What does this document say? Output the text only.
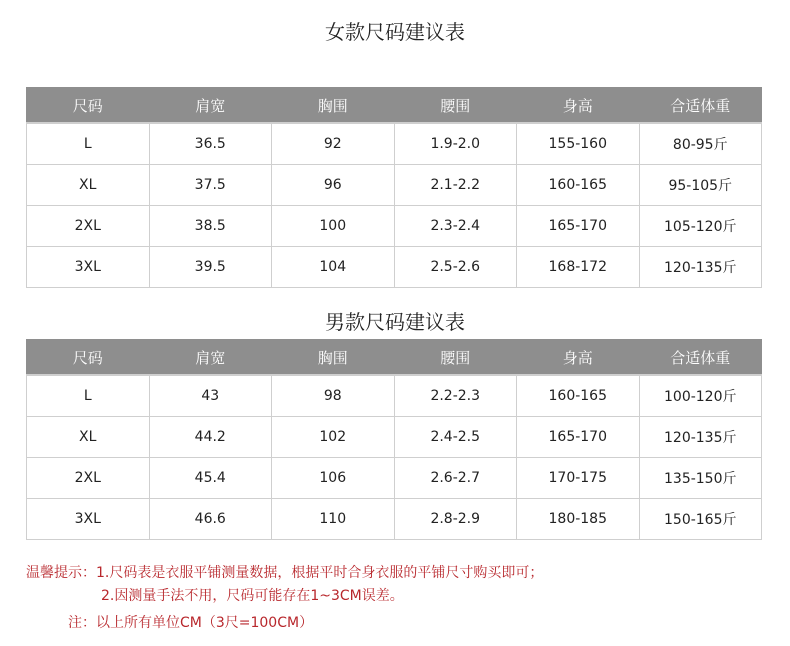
女款尺码建议表
尺码	肩宽	胸围	腰围	身高	合适体重
L	36.5	92	1.9-2.0	155-160	80-95斤
XL	37.5	96	2.1-2.2	160-165	95-105斤
2XL	38.5	100	2.3-2.4	165-170	105-120斤
3XL	39.5	104	2.5-2.6	168-172	120-135斤
男款尺码建议表
尺码	肩宽	胸围	腰围	身高	合适体重
L	43	98	2.2-2.3	160-165	100-120斤
XL	44.2	102	2.4-2.5	165-170	120-135斤
2XL	45.4	106	2.6-2.7	170-175	135-150斤
3XL	46.6	110	2.8-2.9	180-185	150-165斤
温馨提示：1.尺码表是衣服平铺测量数据，根据平时合身衣服的平铺尺寸购买即可；
2.因测量手法不用，尺码可能存在1~3CM误差。
注：以上所有单位CM（3尺=100CM）
